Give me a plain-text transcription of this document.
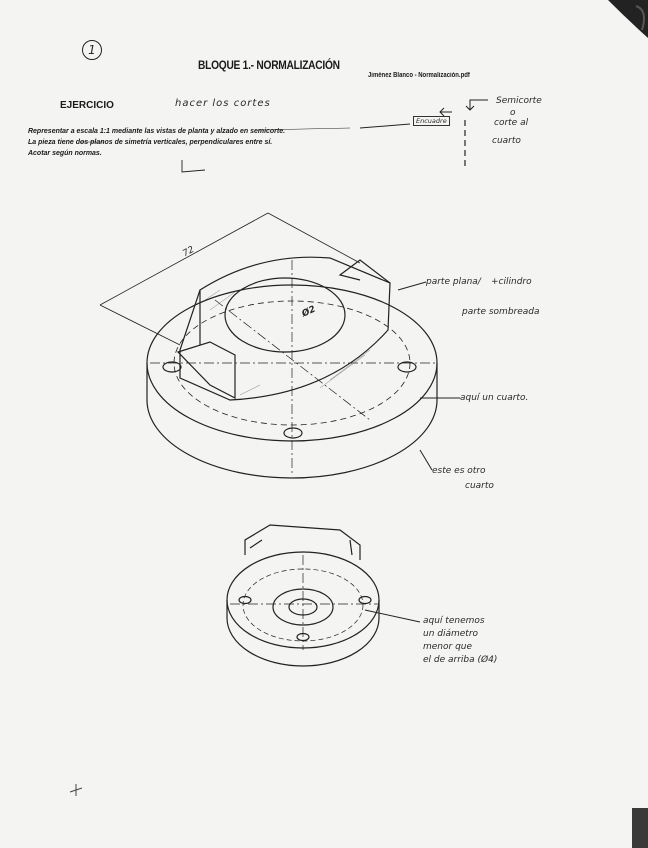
1
BLOQUE 1.- NORMALIZACIÓN
Jiménez Blanco - Normalización.pdf
EJERCICIO	hacer los cortes
Representar a escala 1:1 mediante las vistas de planta y alzado en semicorte.
La pieza tiene dos planos de simetría verticales, perpendiculares entre sí.
Acotar según normas.
Encuadre
Semicorte
o
corte al
cuarto
72
Ø2
parte plana/ +cilindro
parte sombreada
aquí un cuarto.
este es otro
cuarto
aquí tenemos
un diámetro
menor que
el de arriba (Ø4)
